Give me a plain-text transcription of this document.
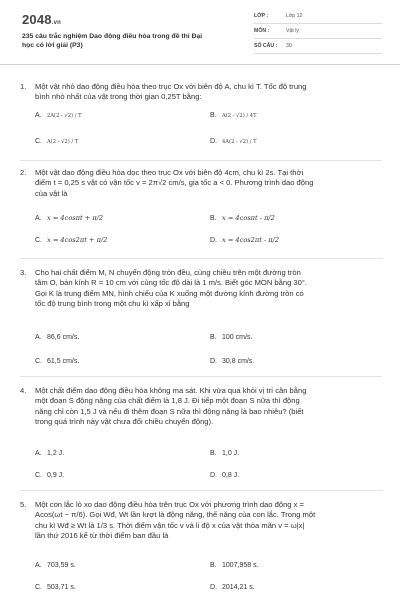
2048.vn
235 câu trắc nghiệm Dao động điều hòa trong đề thi Đại
học có lời giải (P3)
LỚP :	Lớp 12
MÔN :	Vật lý
SỐ CÂU : 30
1. Một vật nhỏ dao động điều hòa theo trục Ox với biên độ A, chu kì T. Tốc độ trung
bình nhỏ nhất của vật trong thời gian 0,25T bằng:
A. 2A(2 - √2) / T	B. A(2 - √2) / 4T
C. A(2 - √2) / T	D. 4A(2 - √2) / T
2. Một vật dao động điều hòa dọc theo trục Ox với biên độ 4cm, chu kì 2s. Tại thời
điểm t = 0,25 s vật có vận tốc v = 2π√2 cm/s, gia tốc a < 0. Phương trình dao động
của vật là
A. x = 4cosπt + π/2	B. x = 4cosπt - π/2
C. x = 4cos2πt + π/2	D. x = 4cos2πt - π/2
3. Cho hai chất điểm M, N chuyển động tròn đều, cùng chiều trên một đường tròn
tâm O, bán kính R = 10 cm với cùng tốc độ dài là 1 m/s. Biết góc MON bằng 30°.
Gọi K là trung điểm MN, hình chiếu của K xuống một đường kính đường tròn có
tốc độ trung bình trong một chu kì xấp xỉ bằng
A. 86,6 cm/s.	B. 100 cm/s.
C. 61,5 cm/s.	D. 30,8 cm/s.
4. Một chất điểm dao động điều hòa không ma sát. Khi vừa qua khỏi vị trí cân bằng
một đoạn S động năng của chất điểm là 1,8 J. Đi tiếp một đoạn S nữa thì động
năng chỉ còn 1,5 J và nếu đi thêm đoạn S nữa thì động năng là bao nhiêu? (biết
trong quá trình này vật chưa đổi chiều chuyển động).
A. 1,2 J.	B. 1,0 J.
C. 0,9 J.	D. 0,8 J.
5. Một con lắc lò xo dao động điều hòa trên trục Ox với phương trình dao động x =
Acos(ωt − π/6). Gọi Wđ, Wt lần lượt là động năng, thế năng của con lắc. Trong một
chu kì Wđ ≥ Wt là 1/3 s. Thời điểm vận tốc v và li độ x của vật thỏa mãn v = ω|x|
lần thứ 2016 kể từ thời điểm ban đầu là
A. 703,59 s.	B. 1007,958 s.
C. 503,71 s.	D. 2014,21 s.
